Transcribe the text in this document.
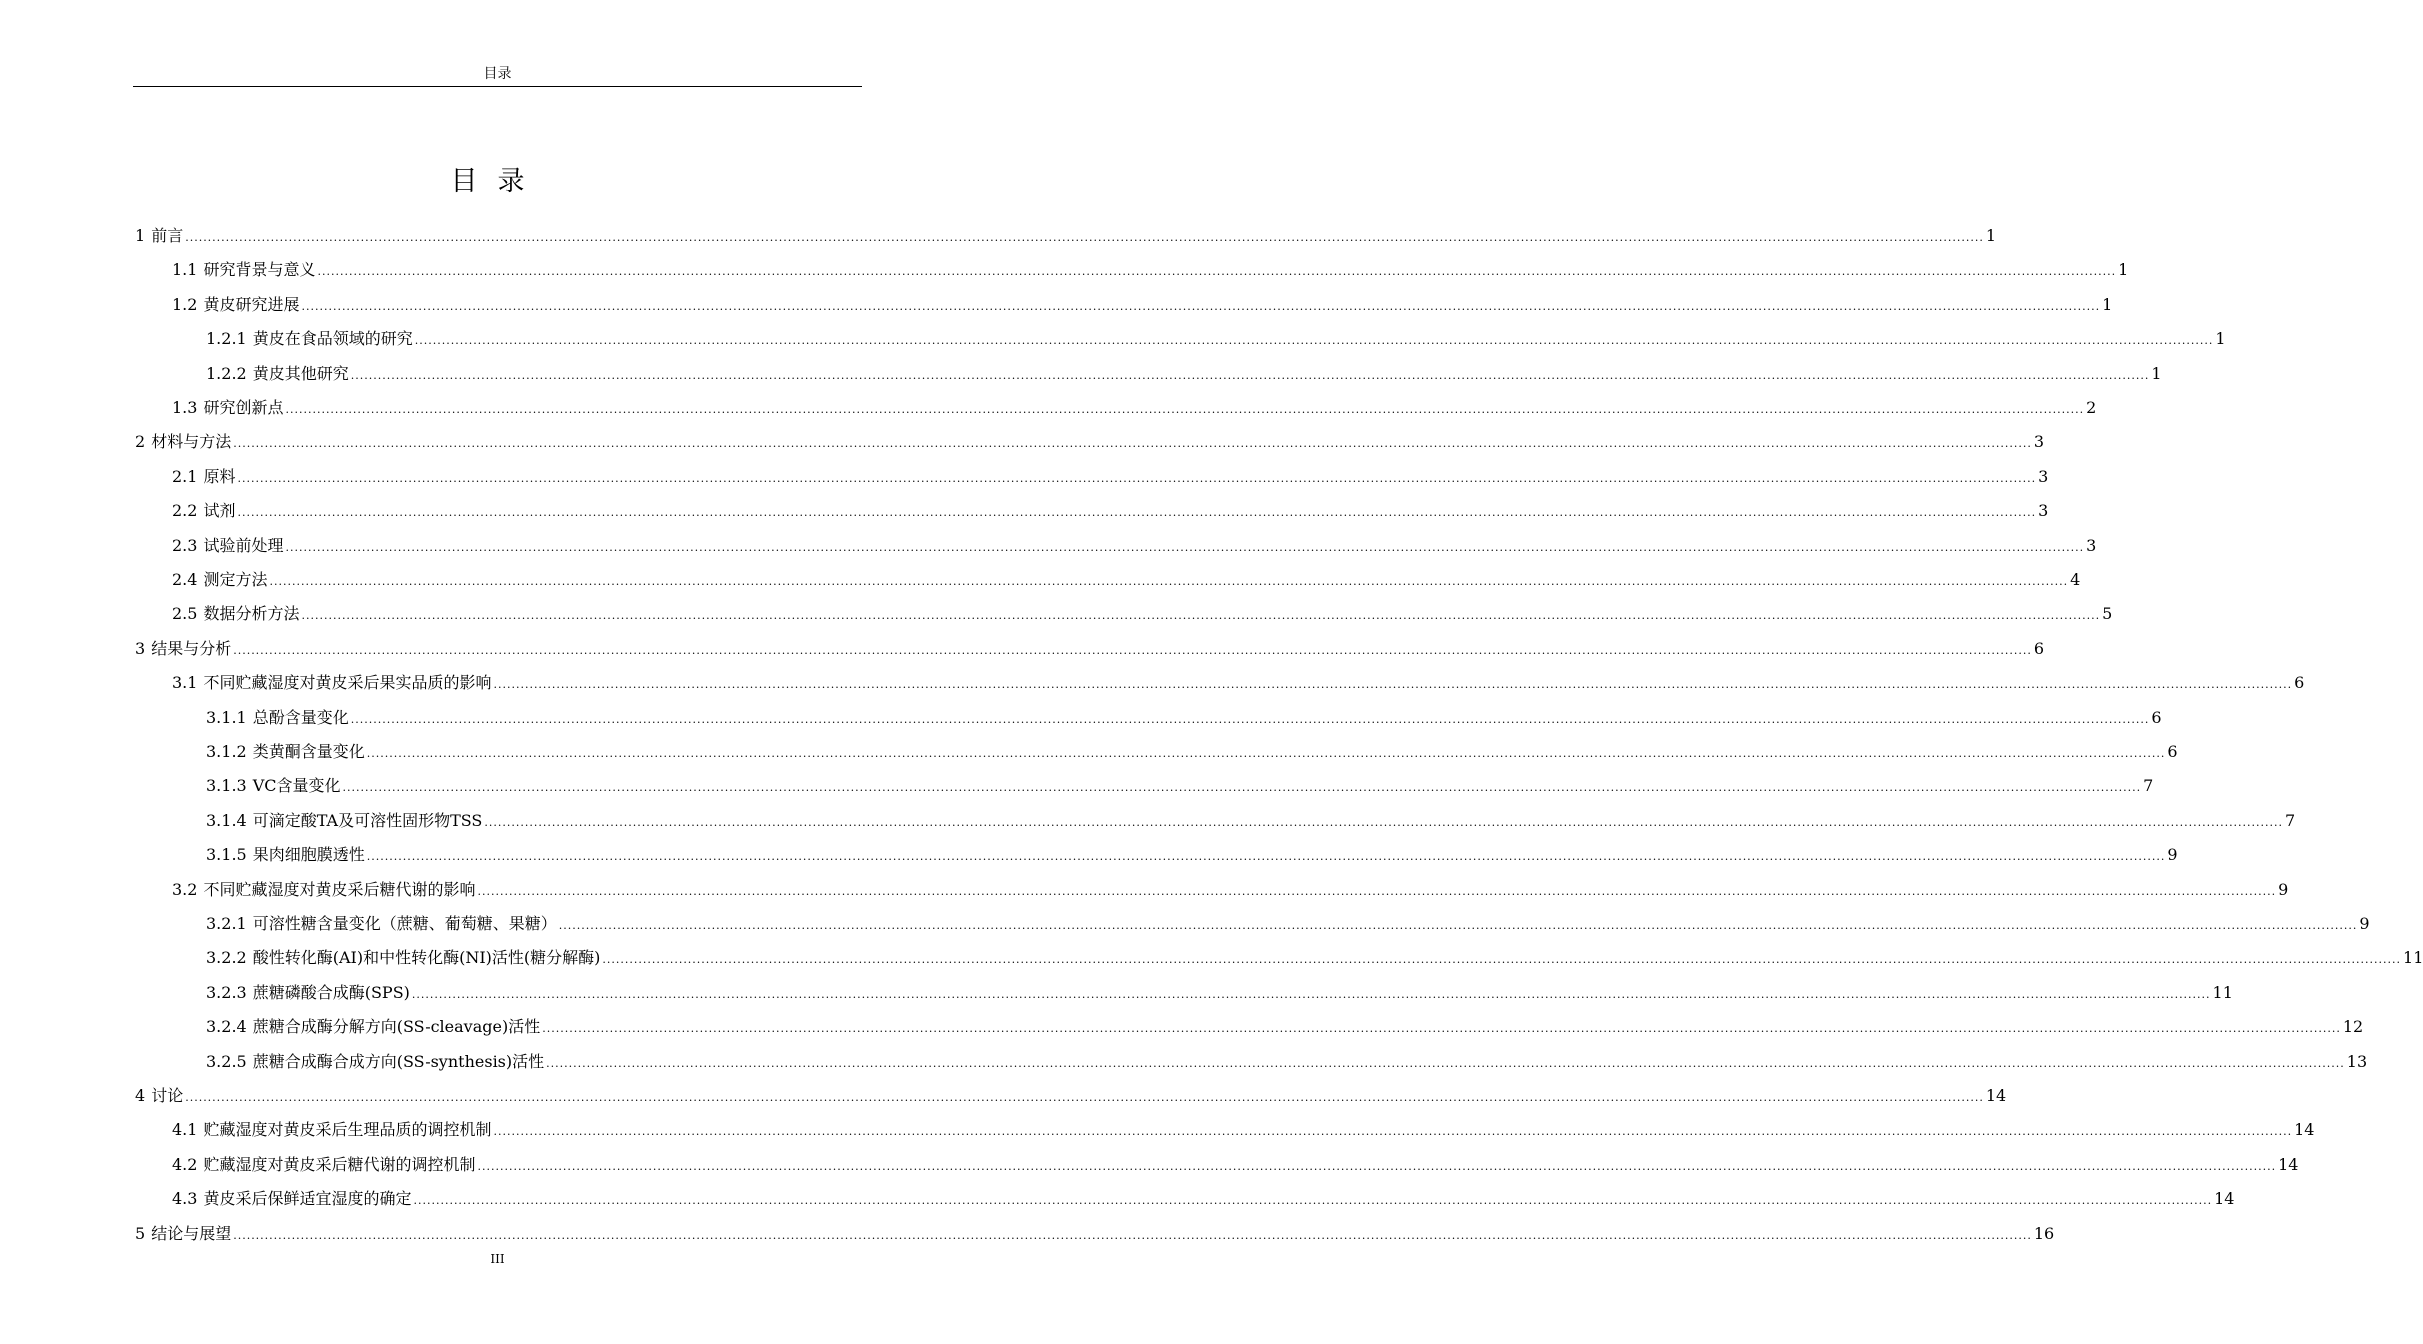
目录
目录
1 前言 ................................................................................................................................................................................................................................................................................................................................................................................................................ 1
1.1 研究背景与意义 ................................................................................................................................................................................................................................................................................................................................................................................................................ 1
1.2 黄皮研究进展 ................................................................................................................................................................................................................................................................................................................................................................................................................ 1
1.2.1 黄皮在食品领域的研究 ................................................................................................................................................................................................................................................................................................................................................................................................................ 1
1.2.2 黄皮其他研究 ................................................................................................................................................................................................................................................................................................................................................................................................................ 1
1.3 研究创新点 ................................................................................................................................................................................................................................................................................................................................................................................................................ 2
2 材料与方法 ................................................................................................................................................................................................................................................................................................................................................................................................................ 3
2.1 原料 ................................................................................................................................................................................................................................................................................................................................................................................................................ 3
2.2 试剂 ................................................................................................................................................................................................................................................................................................................................................................................................................ 3
2.3 试验前处理 ................................................................................................................................................................................................................................................................................................................................................................................................................ 3
2.4 测定方法 ................................................................................................................................................................................................................................................................................................................................................................................................................ 4
2.5 数据分析方法 ................................................................................................................................................................................................................................................................................................................................................................................................................ 5
3 结果与分析 ................................................................................................................................................................................................................................................................................................................................................................................................................ 6
3.1 不同贮藏湿度对黄皮采后果实品质的影响 ................................................................................................................................................................................................................................................................................................................................................................................................................ 6
3.1.1 总酚含量变化 ................................................................................................................................................................................................................................................................................................................................................................................................................ 6
3.1.2 类黄酮含量变化 ................................................................................................................................................................................................................................................................................................................................................................................................................ 6
3.1.3 VC含量变化 ................................................................................................................................................................................................................................................................................................................................................................................................................ 7
3.1.4 可滴定酸TA及可溶性固形物TSS ................................................................................................................................................................................................................................................................................................................................................................................................................ 7
3.1.5 果肉细胞膜透性 ................................................................................................................................................................................................................................................................................................................................................................................................................ 9
3.2 不同贮藏湿度对黄皮采后糖代谢的影响 ................................................................................................................................................................................................................................................................................................................................................................................................................ 9
3.2.1 可溶性糖含量变化（蔗糖、葡萄糖、果糖） ................................................................................................................................................................................................................................................................................................................................................................................................................ 9
3.2.2 酸性转化酶(AI)和中性转化酶(NI)活性(糖分解酶) ................................................................................................................................................................................................................................................................................................................................................................................................................ 11
3.2.3 蔗糖磷酸合成酶(SPS) ................................................................................................................................................................................................................................................................................................................................................................................................................ 11
3.2.4 蔗糖合成酶分解方向(SS-cleavage)活性 ................................................................................................................................................................................................................................................................................................................................................................................................................ 12
3.2.5 蔗糖合成酶合成方向(SS-synthesis)活性 ................................................................................................................................................................................................................................................................................................................................................................................................................ 13
4 讨论 ................................................................................................................................................................................................................................................................................................................................................................................................................ 14
4.1 贮藏湿度对黄皮采后生理品质的调控机制 ................................................................................................................................................................................................................................................................................................................................................................................................................ 14
4.2 贮藏湿度对黄皮采后糖代谢的调控机制 ................................................................................................................................................................................................................................................................................................................................................................................................................ 14
4.3 黄皮采后保鲜适宜湿度的确定 ................................................................................................................................................................................................................................................................................................................................................................................................................ 14
5 结论与展望 ................................................................................................................................................................................................................................................................................................................................................................................................................ 16
III
